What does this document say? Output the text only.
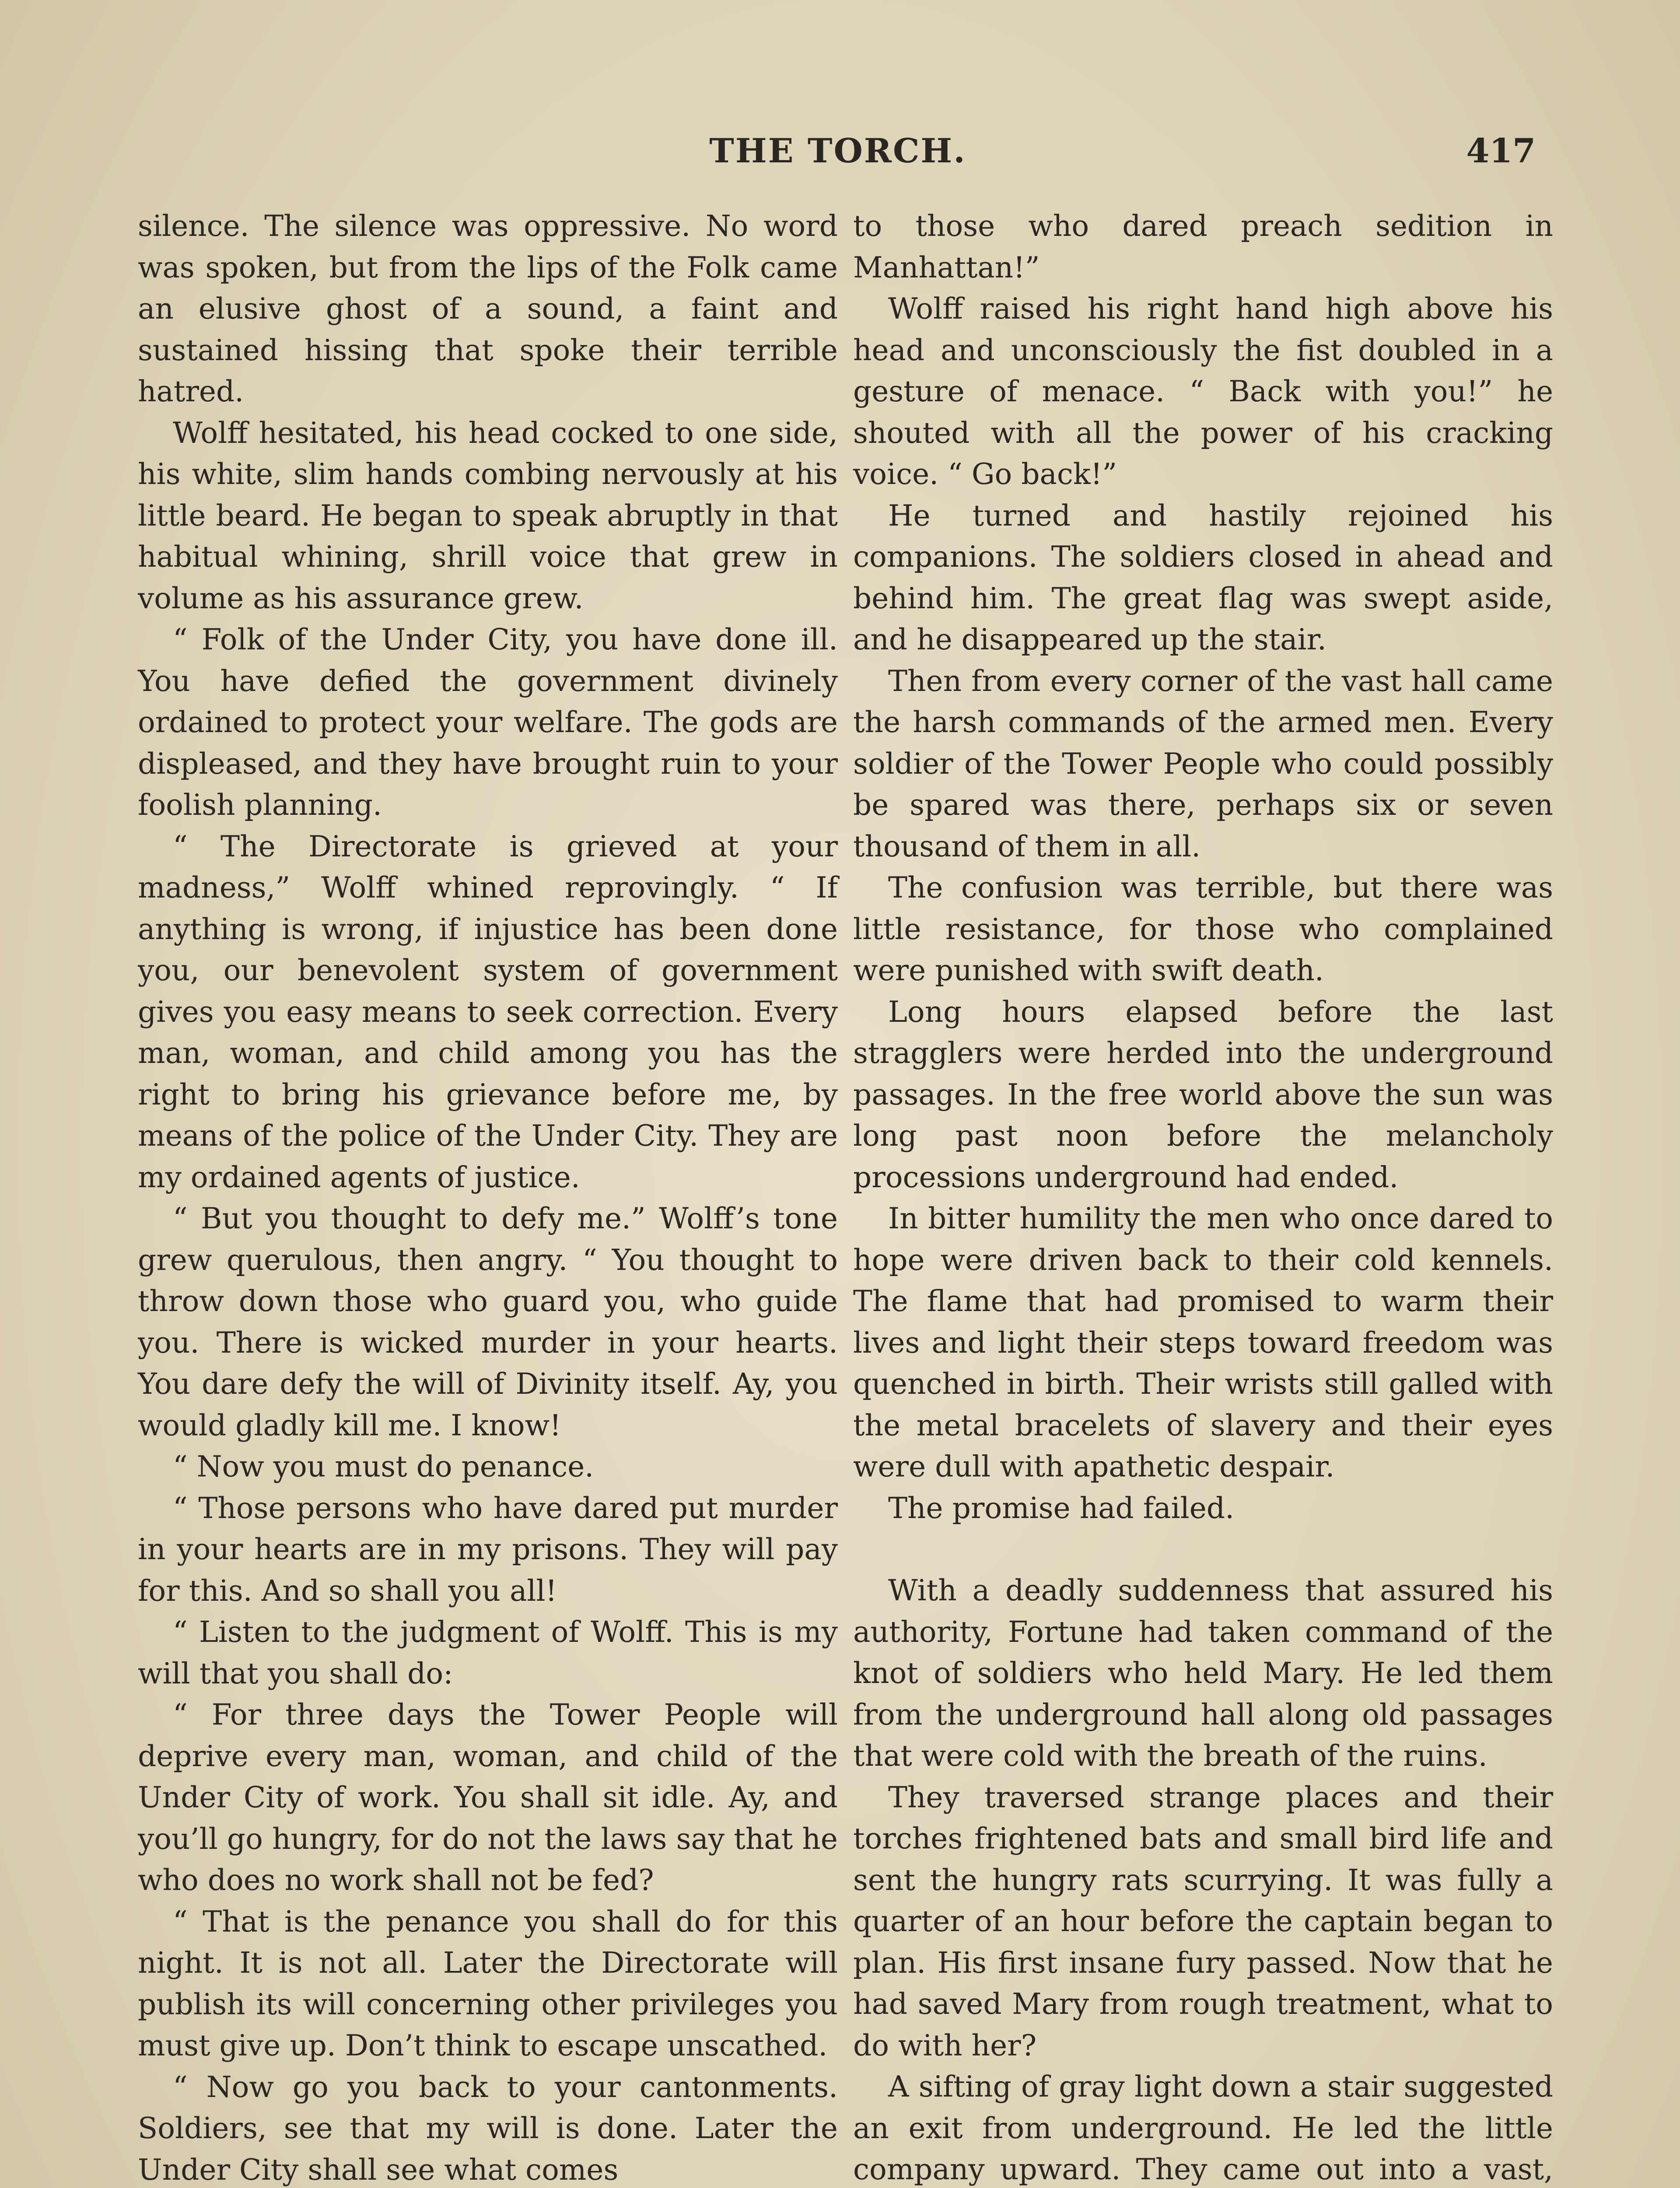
THE TORCH.	417

silence. The silence was oppressive. No word was spoken, but from the lips of the Folk came an elusive ghost of a sound, a faint and sustained hissing that spoke their terrible hatred.

Wolff hesitated, his head cocked to one side, his white, slim hands combing nervously at his little beard. He began to speak abruptly in that habitual whining, shrill voice that grew in volume as his assurance grew.

“ Folk of the Under City, you have done ill. You have defied the government divinely ordained to protect your welfare. The gods are displeased, and they have brought ruin to your foolish planning.

“ The Directorate is grieved at your madness,” Wolff whined reprovingly. “ If anything is wrong, if injustice has been done you, our benevolent system of government gives you easy means to seek correction. Every man, woman, and child among you has the right to bring his grievance before me, by means of the police of the Under City. They are my ordained agents of justice.

“ But you thought to defy me.” Wolff’s tone grew querulous, then angry. “ You thought to throw down those who guard you, who guide you. There is wicked murder in your hearts. You dare defy the will of Divinity itself. Ay, you would gladly kill me. I know!

“ Now you must do penance.

“ Those persons who have dared put murder in your hearts are in my prisons. They will pay for this. And so shall you all!

“ Listen to the judgment of Wolff. This is my will that you shall do:

“ For three days the Tower People will deprive every man, woman, and child of the Under City of work. You shall sit idle. Ay, and you’ll go hungry, for do not the laws say that he who does no work shall not be fed?

“ That is the penance you shall do for this night. It is not all. Later the Directorate will publish its will concerning other privileges you must give up. Don’t think to escape unscathed.

“ Now go you back to your cantonments. Soldiers, see that my will is done. Later the Under City shall see what comes

to those who dared preach sedition in Manhattan!”

Wolff raised his right hand high above his head and unconsciously the fist doubled in a gesture of menace. “ Back with you!” he shouted with all the power of his cracking voice. “ Go back!”

He turned and hastily rejoined his companions. The soldiers closed in ahead and behind him. The great flag was swept aside, and he disappeared up the stair.

Then from every corner of the vast hall came the harsh commands of the armed men. Every soldier of the Tower People who could possibly be spared was there, perhaps six or seven thousand of them in all.

The confusion was terrible, but there was little resistance, for those who complained were punished with swift death.

Long hours elapsed before the last stragglers were herded into the underground passages. In the free world above the sun was long past noon before the melancholy processions underground had ended.

In bitter humility the men who once dared to hope were driven back to their cold kennels. The flame that had promised to warm their lives and light their steps toward freedom was quenched in birth. Their wrists still galled with the metal bracelets of slavery and their eyes were dull with apathetic despair.

The promise had failed.

With a deadly suddenness that assured his authority, Fortune had taken command of the knot of soldiers who held Mary. He led them from the underground hall along old passages that were cold with the breath of the ruins.

They traversed strange places and their torches frightened bats and small bird life and sent the hungry rats scurrying. It was fully a quarter of an hour before the captain began to plan. His first insane fury passed. Now that he had saved Mary from rough treatment, what to do with her?

A sifting of gray light down a stair suggested an exit from underground. He led the little company upward. They came out into a vast,
